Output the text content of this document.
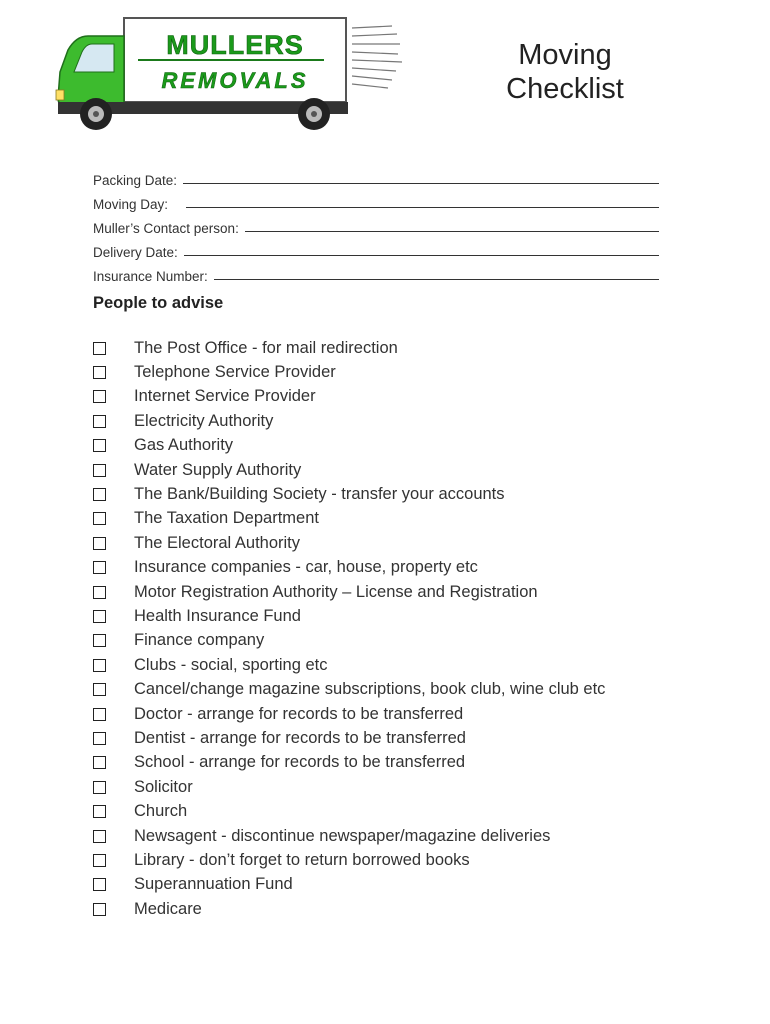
MULLERS
REMOVALS
Moving
Checklist
Packing Date:
Moving Day:
Muller’s Contact person:
Delivery Date:
Insurance Number:
People to advise
The Post Office - for mail redirection
Telephone Service Provider
Internet Service Provider
Electricity Authority
Gas Authority
Water Supply Authority
The Bank/Building Society - transfer your accounts
The Taxation Department
The Electoral Authority
Insurance companies - car, house, property etc
Motor Registration Authority – License and Registration
Health Insurance Fund
Finance company
Clubs - social, sporting etc
Cancel/change magazine subscriptions, book club, wine club etc
Doctor - arrange for records to be transferred
Dentist - arrange for records to be transferred
School - arrange for records to be transferred
Solicitor
Church
Newsagent - discontinue newspaper/magazine deliveries
Library - don’t forget to return borrowed books
Superannuation Fund
Medicare
